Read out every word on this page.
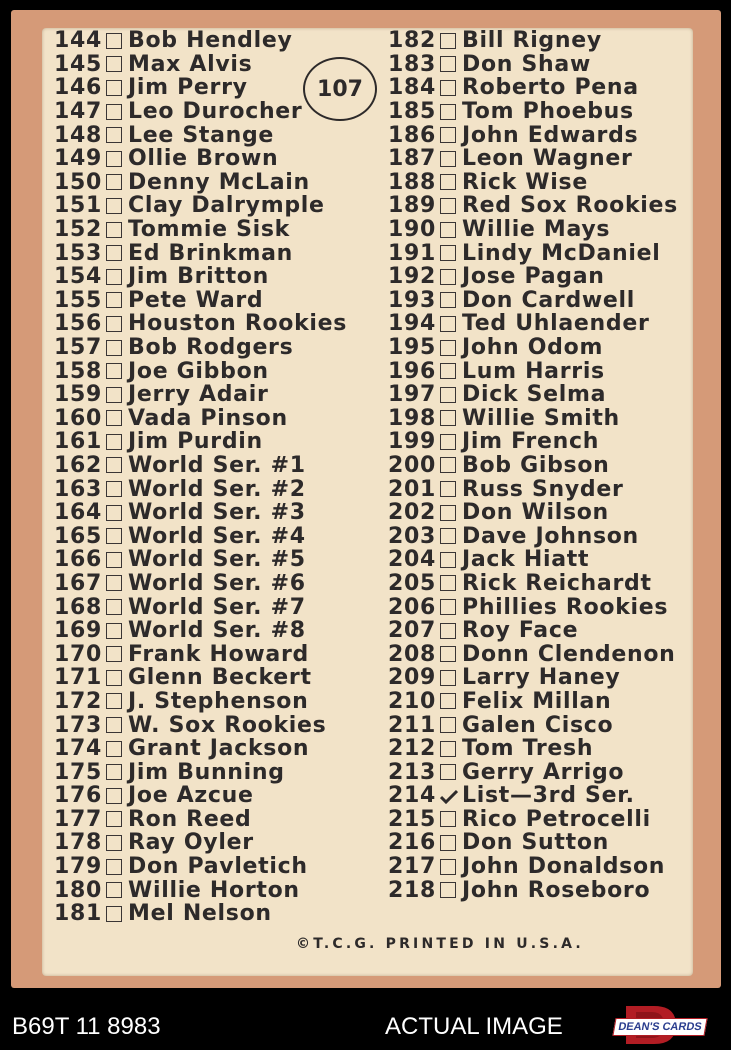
144 Bob Hendley
145 Max Alvis
146 Jim Perry
147 Leo Durocher
148 Lee Stange
149 Ollie Brown
150 Denny McLain
151 Clay Dalrymple
152 Tommie Sisk
153 Ed Brinkman
154 Jim Britton
155 Pete Ward
156 Houston Rookies
157 Bob Rodgers
158 Joe Gibbon
159 Jerry Adair
160 Vada Pinson
161 Jim Purdin
162 World Ser. #1
163 World Ser. #2
164 World Ser. #3
165 World Ser. #4
166 World Ser. #5
167 World Ser. #6
168 World Ser. #7
169 World Ser. #8
170 Frank Howard
171 Glenn Beckert
172 J. Stephenson
173 W. Sox Rookies
174 Grant Jackson
175 Jim Bunning
176 Joe Azcue
177 Ron Reed
178 Ray Oyler
179 Don Pavletich
180 Willie Horton
181 Mel Nelson
182 Bill Rigney
183 Don Shaw
184 Roberto Pena
185 Tom Phoebus
186 John Edwards
187 Leon Wagner
188 Rick Wise
189 Red Sox Rookies
190 Willie Mays
191 Lindy McDaniel
192 Jose Pagan
193 Don Cardwell
194 Ted Uhlaender
195 John Odom
196 Lum Harris
197 Dick Selma
198 Willie Smith
199 Jim French
200 Bob Gibson
201 Russ Snyder
202 Don Wilson
203 Dave Johnson
204 Jack Hiatt
205 Rick Reichardt
206 Phillies Rookies
207 Roy Face
208 Donn Clendenon
209 Larry Haney
210 Felix Millan
211 Galen Cisco
212 Tom Tresh
213 Gerry Arrigo
214 List—3rd Ser.
215 Rico Petrocelli
216 Don Sutton
217 John Donaldson
218 John Roseboro
107
©T.C.G. PRINTED IN U.S.A.
B69T 11 8983	ACTUAL IMAGE	DEAN'S CARDS
